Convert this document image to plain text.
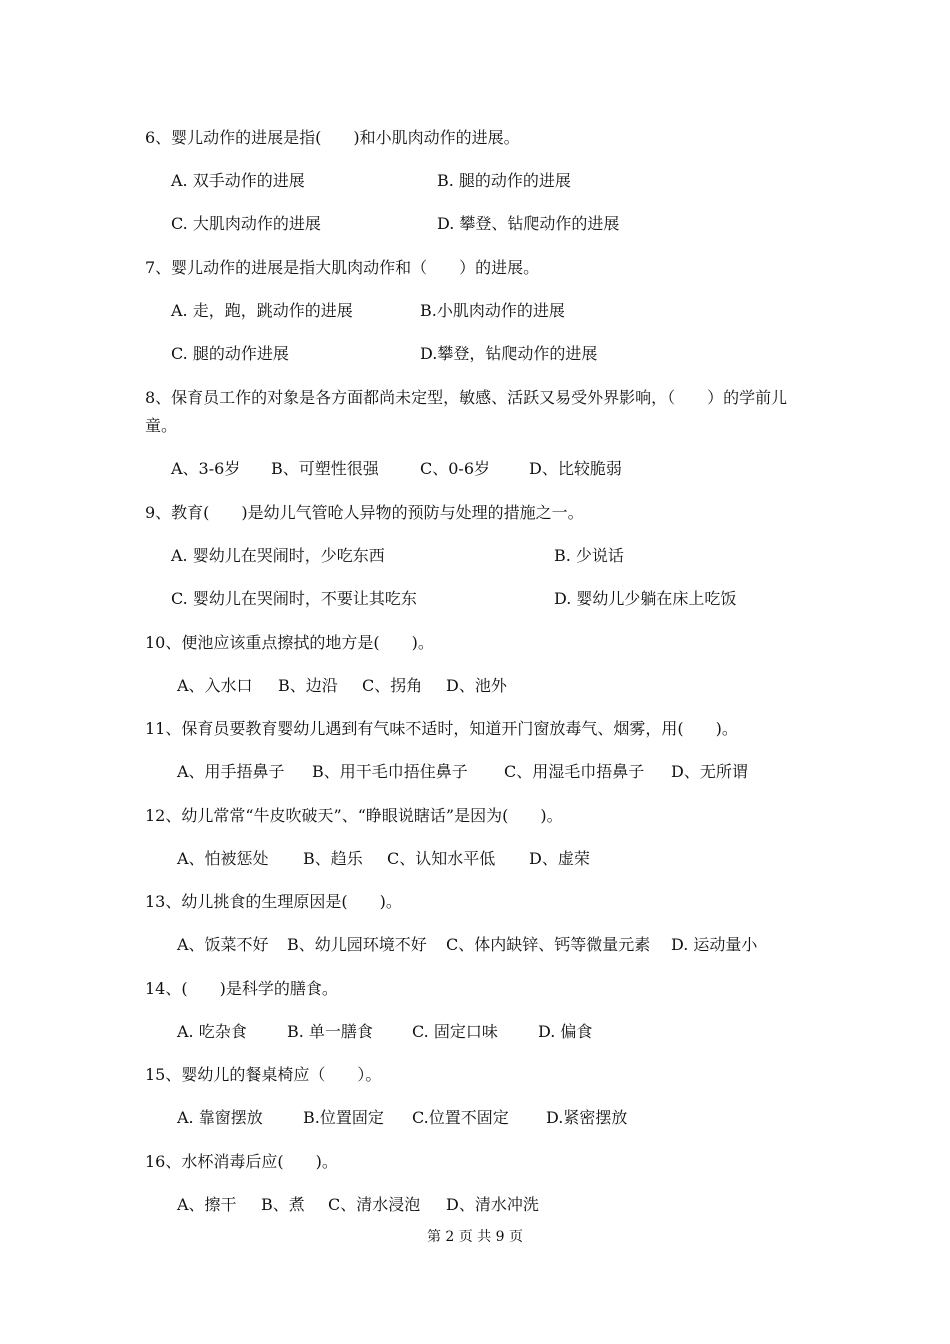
6、婴儿动作的进展是指(　　)和小肌肉动作的进展。
A. 双手动作的进展	B. 腿的动作的进展
C. 大肌肉动作的进展	D. 攀登、钻爬动作的进展
7、婴儿动作的进展是指大肌肉动作和（　　）的进展。
A. 走，跑，跳动作的进展	B.小肌肉动作的进展
C. 腿的动作进展	D.攀登，钻爬动作的进展
8、保育员工作的对象是各方面都尚未定型，敏感、活跃又易受外界影响，（　　）的学前儿
童。
A、3-6岁 B、可塑性很强	C、0-6岁 D、比较脆弱
9、教育(　　)是幼儿气管呛人异物的预防与处理的措施之一。
A. 婴幼儿在哭闹时，少吃东西	B. 少说话
C. 婴幼儿在哭闹时，不要让其吃东	D. 婴幼儿少躺在床上吃饭
10、便池应该重点擦拭的地方是(　　)。
A、入水口 B、边沿 C、拐角 D、池外
11、保育员要教育婴幼儿遇到有气味不适时，知道开门窗放毒气、烟雾，用(　　)。
A、用手捂鼻子 B、用干毛巾捂住鼻子 C、用湿毛巾捂鼻子 D、无所谓
12、幼儿常常“牛皮吹破天”、“睁眼说瞎话”是因为(　　)。
A、怕被惩处 B、趋乐 C、认知水平低 D、虚荣
13、幼儿挑食的生理原因是(　　)。
A、饭菜不好 B、幼儿园环境不好 C、体内缺锌、钙等微量元素 D. 运动量小
14、(　　)是科学的膳食。
A. 吃杂食	B. 单一膳食 C. 固定口味	D. 偏食
15、婴幼儿的餐桌椅应（　　）。
A. 靠窗摆放	B.位置固定 C.位置不固定 D.紧密摆放
16、水杯消毒后应(　　)。
A、擦干 B、煮 C、清水浸泡 D、清水冲洗
第 2 页 共 9 页
